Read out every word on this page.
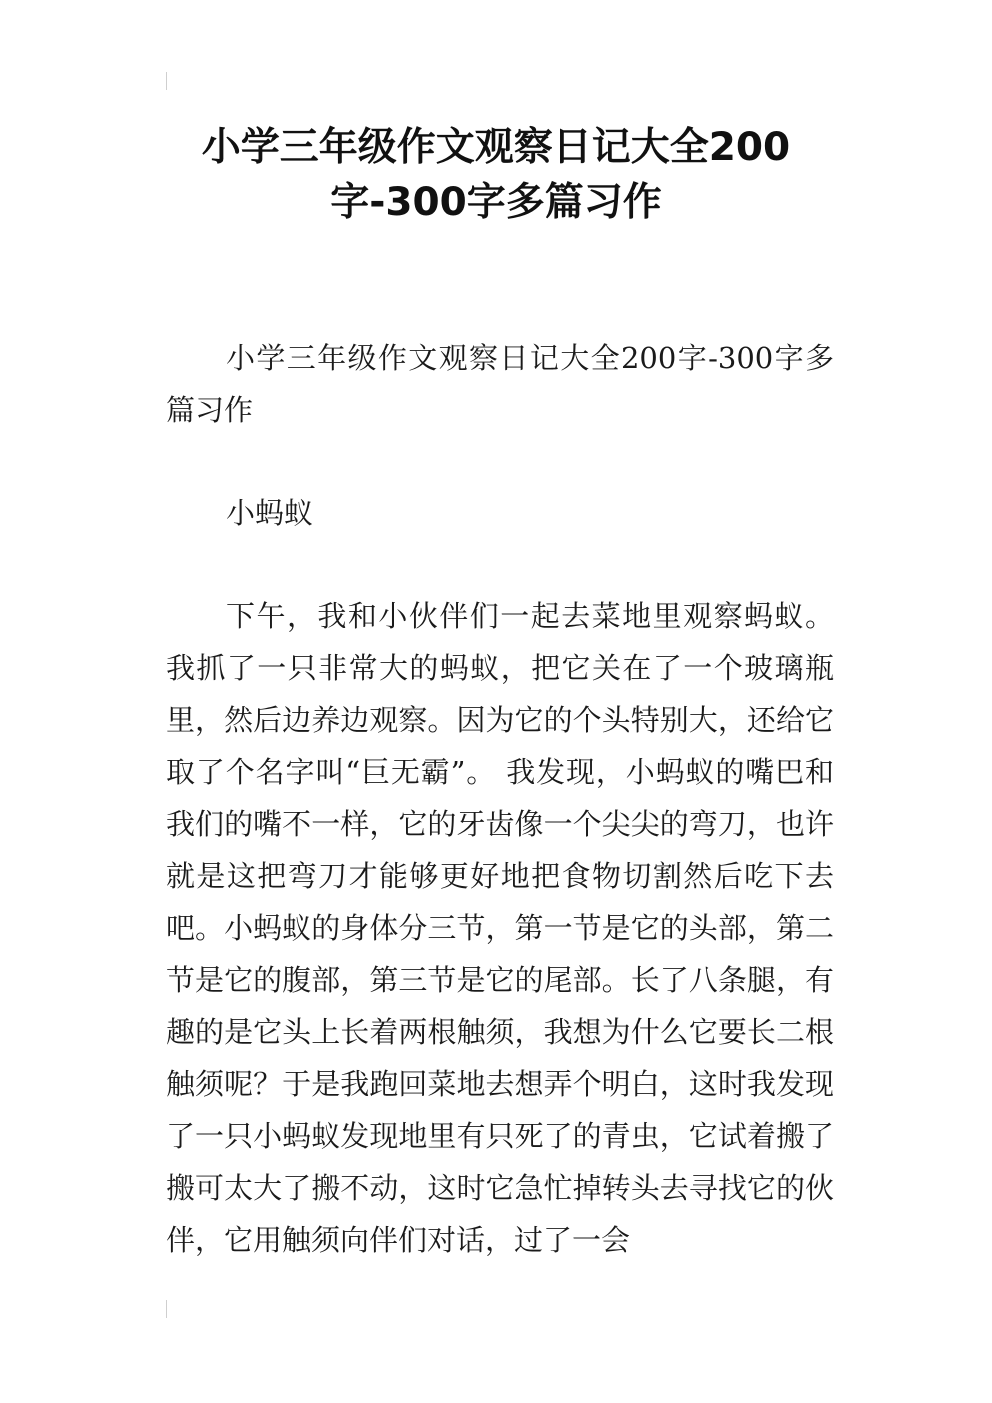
小学三年级作文观察日记大全200字-300字多篇习作

小学三年级作文观察日记大全200字-300字多篇习作

小蚂蚁

下午，我和小伙伴们一起去菜地里观察蚂蚁。我抓了一只非常大的蚂蚁，把它关在了一个玻璃瓶里，然后边养边观察。因为它的个头特别大，还给它取了个名字叫“巨无霸”。 我发现，小蚂蚁的嘴巴和我们的嘴不一样，它的牙齿像一个尖尖的弯刀，也许就是这把弯刀才能够更好地把食物切割然后吃下去吧。小蚂蚁的身体分三节，第一节是它的头部，第二节是它的腹部，第三节是它的尾部。长了八条腿，有趣的是它头上长着两根触须，我想为什么它要长二根触须呢？于是我跑回菜地去想弄个明白，这时我发现了一只小蚂蚁发现地里有只死了的青虫，它试着搬了搬可太大了搬不动，这时它急忙掉转头去寻找它的伙伴，它用触须向伴们对话，过了一会
